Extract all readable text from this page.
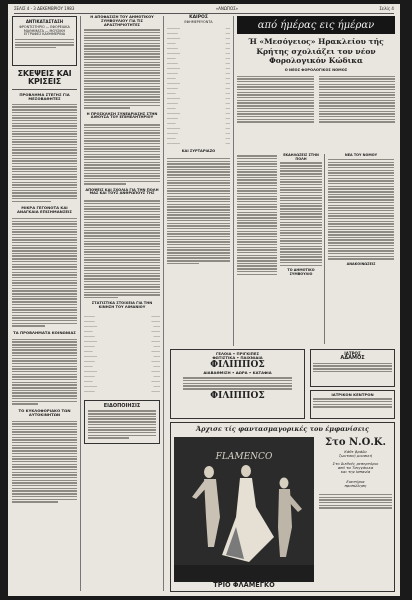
ΣΕΛΙΣ 4 - 3 ΔΕΚΕΜΒΡΙΟΥ 1983	«ΑΝΩΠΟΣ»	Σελίς 4
ΑΝΤΙΚΑΤΑΣΤΑΣΗ
ΦΡΟΝΤΙΣΤΗΡΙΟ — ΕΦΟΡΕΙΑΚΑ
ΜΑΘΗΜΑΤΑ — ΜΟΥΣΙΚΗ
ΕΓΓΡΑΦΕΣ ΚΑΘΗΜΕΡΙΝΑ
ΣΚΕΨΕΙΣ ΚΑΙ ΚΡΙΣΕΙΣ
ΠΡΟΒΛΗΜΑ ΣΤΕΓΗΣ ΓΙΑ ΜΕΣΟΒΑΘΗΤΕΣ
ΜΙΚΡΑ ΓΕΓΟΝΟΤΑ ΚΑΙ ΑΝΑΓΚΑΙΑ ΕΠΙΣΗΜΑΝΣΕΙΣ
ΤΑ ΠΡΟΒΛΗΜΑΤΑ ΚΟΙΝΩΝΙΑΣ
ΤΟ ΚΥΚΛΟΦΟΡΙΑΚΟ ΤΩΝ ΑΥΤΟΚΙΝΗΤΩΝ
Η ΑΠΟΦΑΣΙΣΗ ΤΟΥ ΔΗΜΟΤΙΚΟΥ ΣΥΜΒΟΥΛΙΟΥ ΓΙΑ ΤΙΣ ΔΡΑΣΤΗΡΙΟΤΗΤΕΣ
Η ΠΡΟΣΚΛΗΣΗ ΣΥΝΕΔΡΙΑΣΗΣ ΣΤΗΝ ΑΙΘΟΥΣΑ ΤΟΥ ΕΠΙΜΕΛΗΤΗΡΙΟΥ
ΑΠΟΨΕΙΣ ΚΑΙ ΣΧΟΛΙΑ ΓΙΑ ΤΗΝ ΠΟΛΗ ΜΑΣ ΚΑΙ ΤΟΥΣ ΑΝΘΡΩΠΟΥΣ ΤΗΣ
ΣΤΑΤΙΣΤΙΚΑ ΣΤΟΙΧΕΙΑ ΓΙΑ ΤΗΝ ΚΙΝΗΣΗ ΤΟΥ ΛΙΜΑΝΙΟΥ
—————	————
—————	————
——————	———
————	————
—————	———
——————	————
—————	———
————	————
——————	———
—————	————
————	———
——————	————
—————	———
————	————
——————	———
—————	————
ΕΙΔΟΠΟΙΗΣΙΣ
ΚΑΙΡΟΣ
ΕΦΗΜΕΡΕΥΟΝΤΑ
——————	——
—————	——
——————	——
————	——
—————	——
——————	——
————	——
—————	——
——————	——
—————	——
————	——
——————	——
—————	——
————	——
——————	——
—————	——
————	——
——————	——
—————	——
————	——
——————	——
—————	——
————	——
——————	——
ΚΑΙ ΣΥΡΤΑΡΙΑΖΟ
από ήμέρας εις ήμέραν
Ή «Μεσόγειος» Ηρακλείου τής Κρήτης σχολιάζει τον νέον Φορολογικόν Κώδικα
Ο ΝΕΟΣ ΦΟΡΟΛΟΓΙΚΟΣ ΝΟΜΟΣ
ΕΚΔΗΛΩΣΕΙΣ ΣΤΗΝ ΠΟΛΗ
ΤΟ ΔΗΜΟΤΙΚΟ ΣΥΜΒΟΥΛΙΟ
ΝΕΑ ΤΟΥ ΝΟΜΟΥ
ΑΝΑΚΟΙΝΩΣΕΙΣ
ΓΕΛΟΙΑ • ΠΡΙΓΚΙΠΕΣ
ΦΩΤΙΣΤΙΚΑ • ΠΑΙΧΝΙΔΙΑ
ΦΙΛΙΠΠΟΣ
ΔΙΑΒΑΘΜΙΣΗ • ΔΩΡΑ • ΚΑΤΑΦΙΑ
ΦΙΛΙΠΠΟΣ
ΙΑΤΡΟΣ
ΑΔΑΜΟΣ
ΙΑΤΡΙΚΟΝ ΚΕΝΤΡΟΝ
Άρχισε τίς φαντασμαγορικές του έμφανίσεις
FLAMENCO
Στο Ν.Ο.Κ.
Κάθε βράδυ
ζωντανή μουσική
Στο διεθνές ρεπερτόριο
από τα Τσιγγάνικα
και την Ισπανία
Εισιτήρια
προπώληση
ΤΡΙΟ ΦΛΑΜΕΓΚΟ
